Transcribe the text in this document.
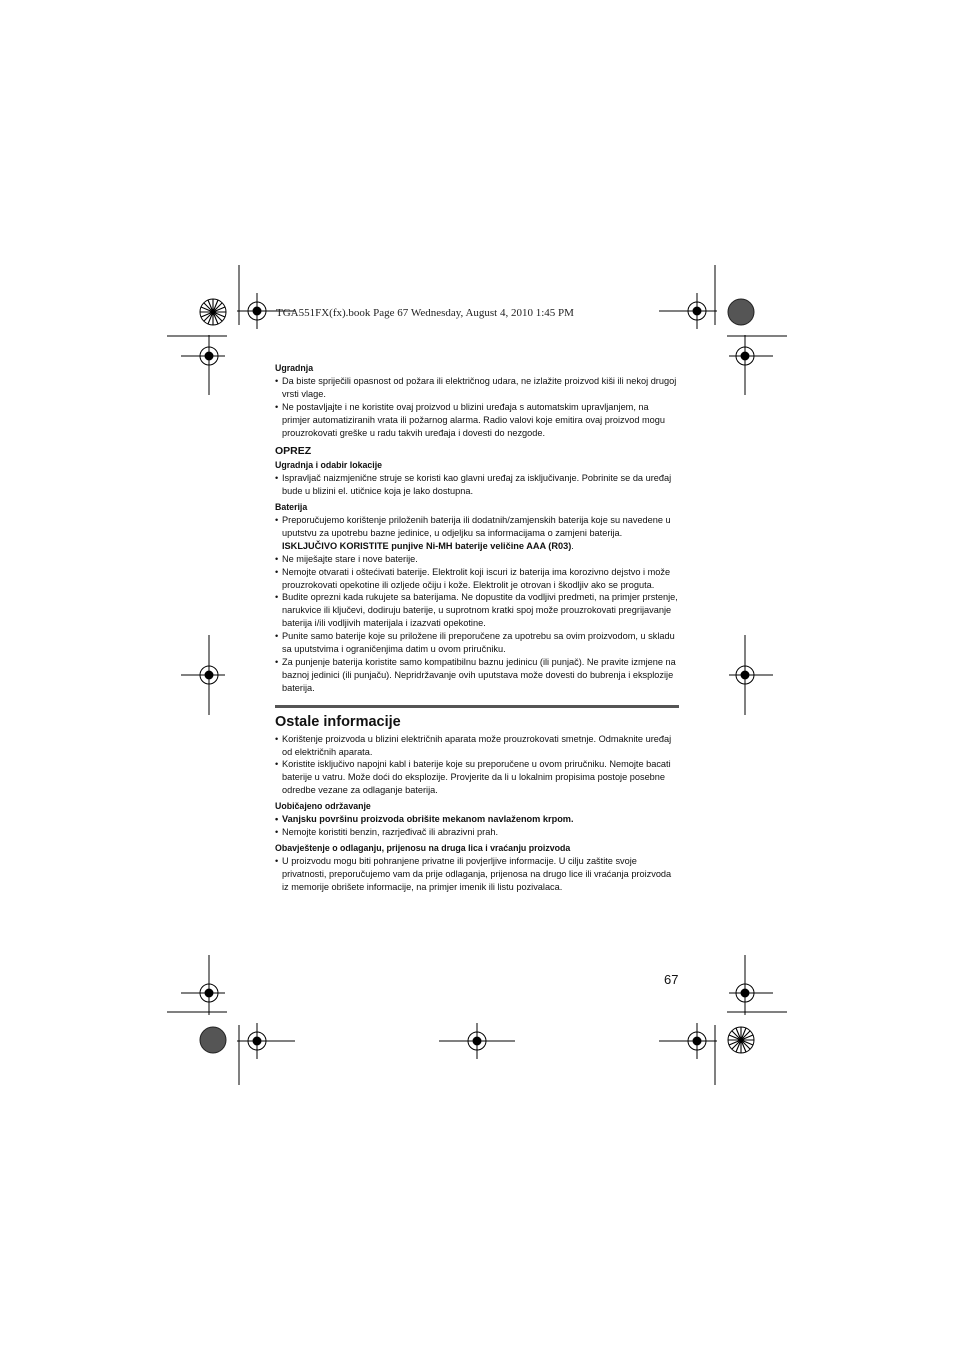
TGA551FX(fx).book Page 67 Wednesday, August 4, 2010 1:45 PM

Ugradnja

• Da biste spriječili opasnost od požara ili električnog udara, ne izlažite proizvod kiši ili nekoj drugoj vrsti vlage.
• Ne postavljajte i ne koristite ovaj proizvod u blizini uređaja s automatskim upravljanjem, na primjer automatiziranih vrata ili požarnog alarma. Radio valovi koje emitira ovaj proizvod mogu prouzrokovati greške u radu takvih uređaja i dovesti do nezgode.
OPREZ

Ugradnja i odabir lokacije

• Ispravljač naizmjenične struje se koristi kao glavni uređaj za isključivanje. Pobrinite se da uređaj bude u blizini el. utičnice koja je lako dostupna.

Baterija

• Preporučujemo korištenje priloženih baterija ili dodatnih/zamjenskih baterija koje su navedene u uputstvu za upotrebu bazne jedinice, u odjeljku sa informacijama o zamjeni baterija. ISKLJUČIVO KORISTITE punjive Ni-MH baterije veličine AAA (R03).
• Ne miješajte stare i nove baterije.
• Nemojte otvarati i oštećivati baterije. Elektrolit koji iscuri iz baterija ima korozivno dejstvo i može prouzrokovati opekotine ili ozljede očiju i kože. Elektrolit je otrovan i škodljiv ako se proguta.
• Budite oprezni kada rukujete sa baterijama. Ne dopustite da vodljivi predmeti, na primjer prstenje, narukvice ili ključevi, dodiruju baterije, u suprotnom kratki spoj može prouzrokovati pregrijavanje baterija i/ili vodljivih materijala i izazvati opekotine.
• Punite samo baterije koje su priložene ili preporučene za upotrebu sa ovim proizvodom, u skladu sa uputstvima i ograničenjima datim u ovom priručniku.
• Za punjenje baterija koristite samo kompatibilnu baznu jedinicu (ili punjač). Ne pravite izmjene na baznoj jedinici (ili punjaču). Nepridržavanje ovih uputstava može dovesti do bubrenja i eksplozije baterija.
Ostale informacije
• Korištenje proizvoda u blizini električnih aparata može prouzrokovati smetnje. Odmaknite uređaj od električnih aparata.
• Koristite isključivo napojni kabl i baterije koje su preporučene u ovom priručniku. Nemojte bacati baterije u vatru. Može doći do eksplozije. Provjerite da li u lokalnim propisima postoje posebne odredbe vezane za odlaganje baterija.

Uobičajeno održavanje

• Vanjsku površinu proizvoda obrišite mekanom navlaženom krpom.
• Nemojte koristiti benzin, razrjeđivač ili abrazivni prah.

Obavještenje o odlaganju, prijenosu na druga lica i vraćanju proizvoda

• U proizvodu mogu biti pohranjene privatne ili povjerljive informacije. U cilju zaštite svoje privatnosti, preporučujemo vam da prije odlaganja, prijenosa na drugo lice ili vraćanja proizvoda iz memorije obrišete informacije, na primjer imenik ili listu pozivalaca.
67
